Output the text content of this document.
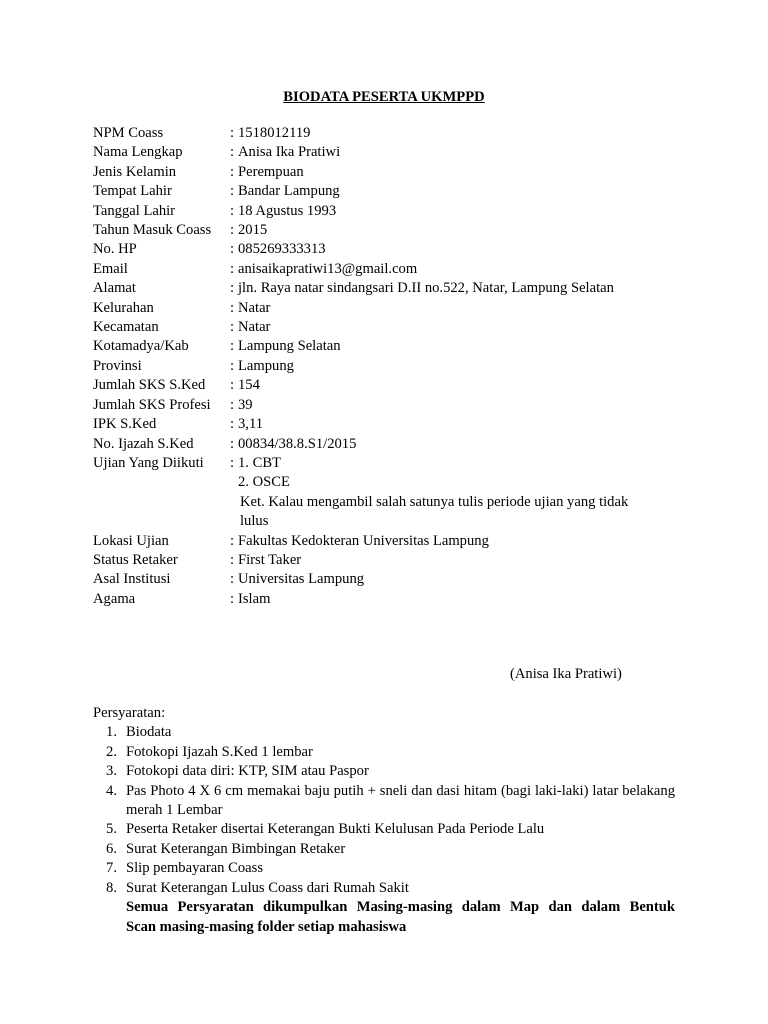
BIODATA PESERTA UKMPPD
NPM Coass	: 1518012119
Nama Lengkap	: Anisa Ika Pratiwi
Jenis Kelamin	: Perempuan
Tempat Lahir	: Bandar Lampung
Tanggal Lahir	: 18 Agustus 1993
Tahun Masuk Coass	: 2015
No. HP	: 085269333313
Email	: anisaikapratiwi13@gmail.com
Alamat	: jln. Raya natar sindangsari D.II no.522, Natar, Lampung Selatan
Kelurahan	: Natar
Kecamatan	: Natar
Kotamadya/Kab	: Lampung Selatan
Provinsi	: Lampung
Jumlah SKS S.Ked	: 154
Jumlah SKS Profesi	: 39
IPK S.Ked	: 3,11
No. Ijazah S.Ked	: 00834/38.8.S1/2015
Ujian Yang Diikuti	: 1. CBT
2. OSCE
Ket. Kalau mengambil salah satunya tulis periode ujian yang tidak
lulus
Lokasi Ujian	: Fakultas Kedokteran Universitas Lampung
Status Retaker	: First Taker
Asal Institusi	: Universitas Lampung
Agama	: Islam
(Anisa Ika Pratiwi)
Persyaratan:
1. Biodata
2. Fotokopi Ijazah S.Ked 1 lembar
3. Fotokopi data diri: KTP, SIM atau Paspor
4. Pas Photo 4 X 6 cm memakai baju putih + sneli dan dasi hitam (bagi laki-laki) latar belakang merah 1 Lembar
5. Peserta Retaker disertai Keterangan Bukti Kelulusan Pada Periode Lalu
6. Surat Keterangan Bimbingan Retaker
7. Slip pembayaran Coass
8. Surat Keterangan Lulus Coass dari Rumah Sakit
Semua Persyaratan dikumpulkan Masing-masing dalam Map dan dalam Bentuk
Scan masing-masing folder setiap mahasiswa
